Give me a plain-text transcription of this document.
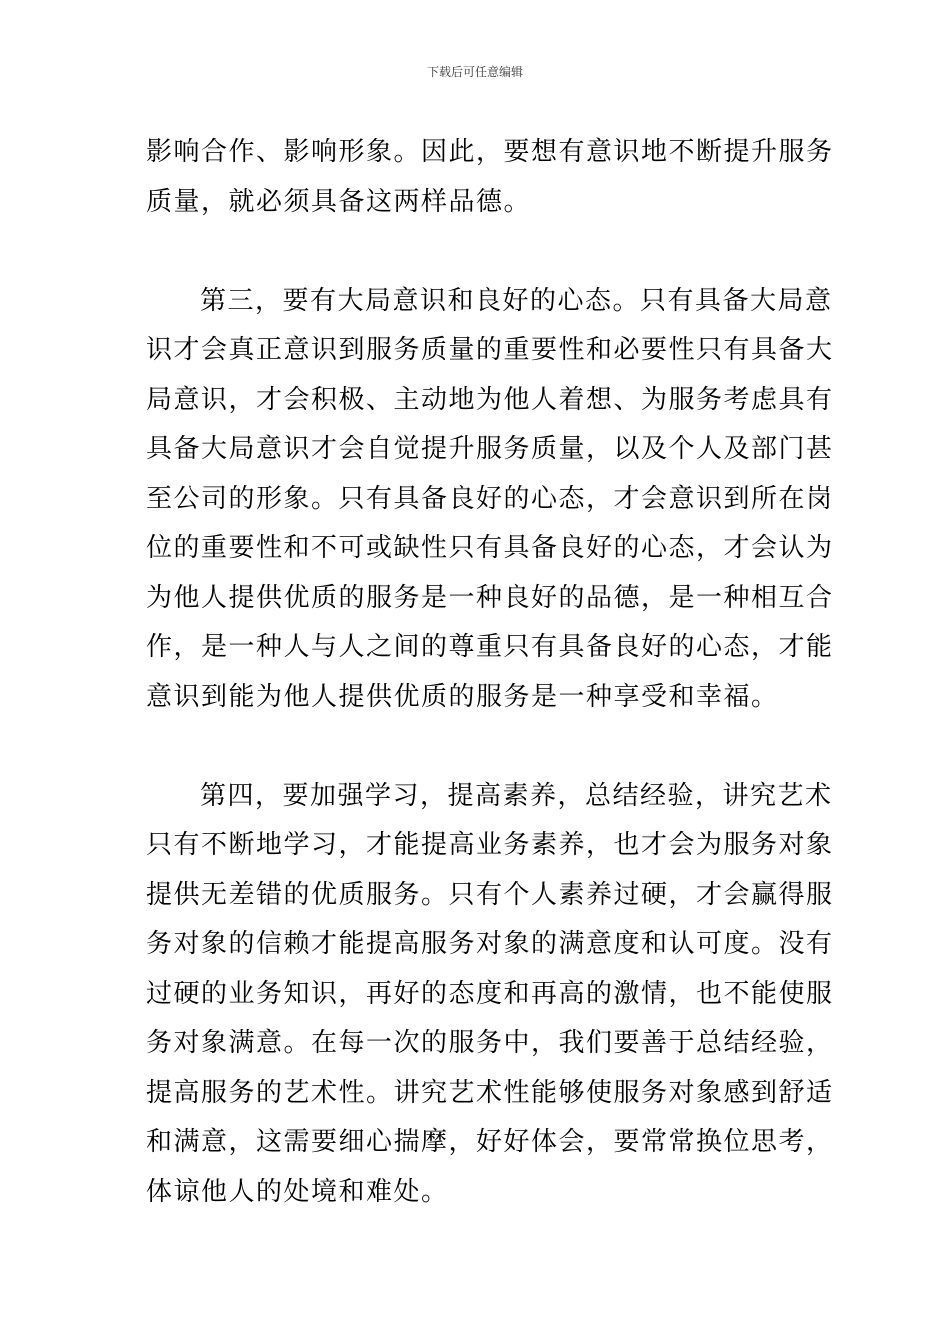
下载后可任意编辑
影响合作、影响形象。因此，要想有意识地不断提升服务
质量，就必须具备这两样品德。
第三，要有大局意识和良好的心态。只有具备大局意
识才会真正意识到服务质量的重要性和必要性只有具备大
局意识，才会积极、主动地为他人着想、为服务考虑具有
具备大局意识才会自觉提升服务质量，以及个人及部门甚
至公司的形象。只有具备良好的心态，才会意识到所在岗
位的重要性和不可或缺性只有具备良好的心态，才会认为
为他人提供优质的服务是一种良好的品德，是一种相互合
作，是一种人与人之间的尊重只有具备良好的心态，才能
意识到能为他人提供优质的服务是一种享受和幸福。
第四，要加强学习，提高素养，总结经验，讲究艺术
只有不断地学习，才能提高业务素养，也才会为服务对象
提供无差错的优质服务。只有个人素养过硬，才会赢得服
务对象的信赖才能提高服务对象的满意度和认可度。没有
过硬的业务知识，再好的态度和再高的激情，也不能使服
务对象满意。在每一次的服务中，我们要善于总结经验，
提高服务的艺术性。讲究艺术性能够使服务对象感到舒适
和满意，这需要细心揣摩，好好体会，要常常换位思考，
体谅他人的处境和难处。
